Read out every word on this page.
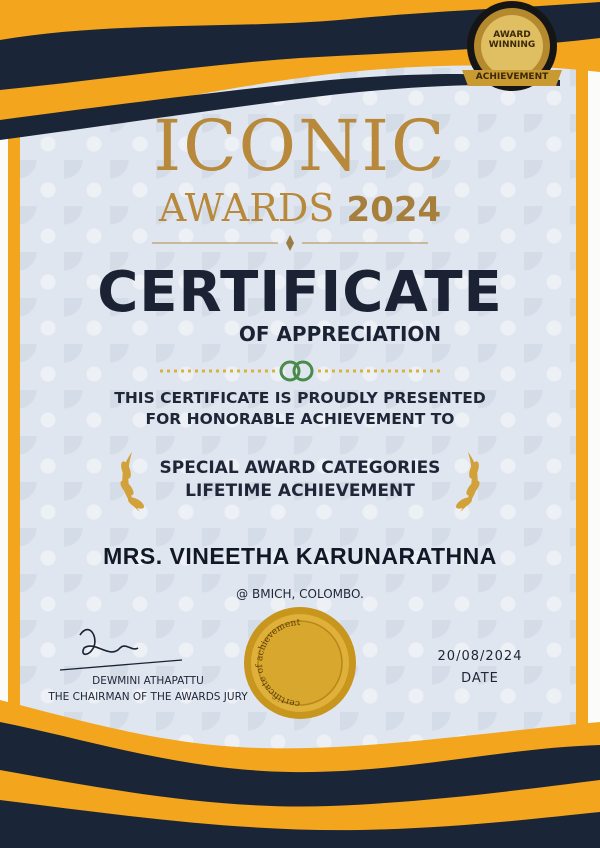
certificate of achievement
AWARD
WINNING
ACHIEVEMENT
ICONIC
AWARDS 2024
CERTIFICATE
OF APPRECIATION
THIS CERTIFICATE IS PROUDLY PRESENTED
FOR HONORABLE ACHIEVEMENT TO
SPECIAL AWARD CATEGORIES
LIFETIME ACHIEVEMENT
MRS. VINEETHA KARUNARATHNA
@ BMICH, COLOMBO.
DEWMINI ATHAPATTU
THE CHAIRMAN OF THE AWARDS JURY
20/08/2024
DATE
